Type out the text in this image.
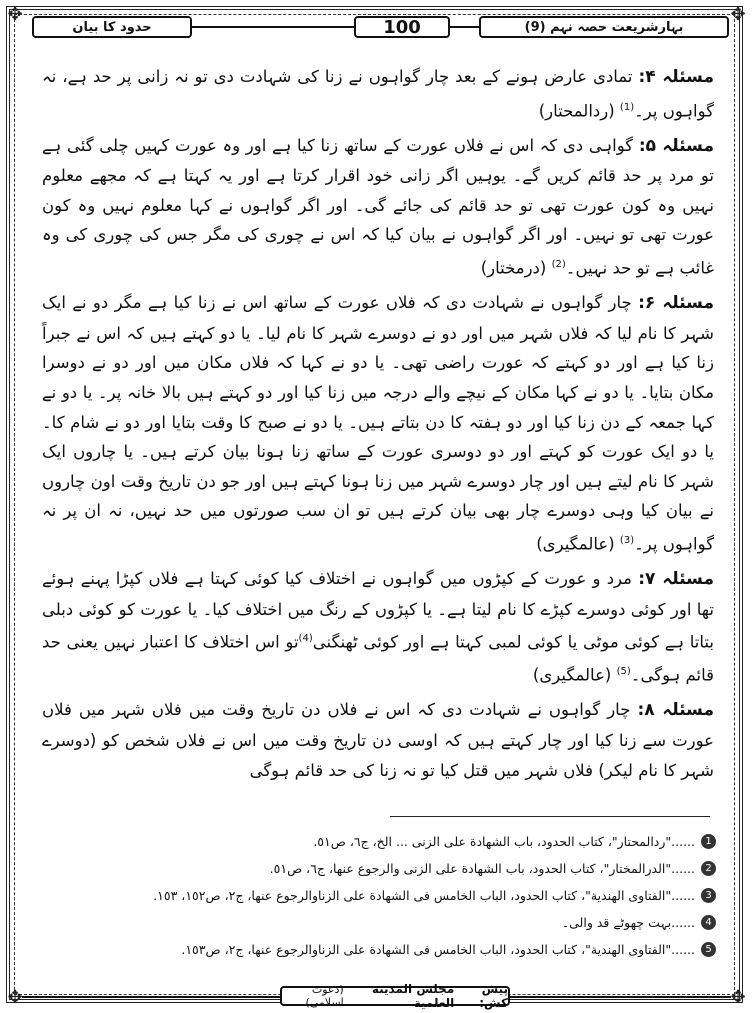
✥	✥
✥	✥
بہارشریعت حصہ نہم (9)
100
حدود کا بیان

مسئلہ ۴: تمادی عارض ہونے کے بعد چار گواہوں نے زنا کی شہادت دی تو نہ زانی پر حد ہے، نہ گواہوں پر۔$^{(1)}$ (ردالمحتار)

مسئلہ ۵: گواہی دی کہ اس نے فلاں عورت کے ساتھ زنا کیا ہے اور وہ عورت کہیں چلی گئی ہے تو مرد پر حد قائم کریں گے۔ یوہیں اگر زانی خود اقرار کرتا ہے اور یہ کہتا ہے کہ مجھے معلوم نہیں وہ کون عورت تھی تو حد قائم کی جائے گی۔ اور اگر گواہوں نے کہا معلوم نہیں وہ کون عورت تھی تو نہیں۔ اور اگر گواہوں نے بیان کیا کہ اس نے چوری کی مگر جس کی چوری کی وہ غائب ہے تو حد نہیں۔$^{(2)}$ (درمختار)

مسئلہ ۶: چار گواہوں نے شہادت دی کہ فلاں عورت کے ساتھ اس نے زنا کیا ہے مگر دو نے ایک شہر کا نام لیا کہ فلاں شہر میں اور دو نے دوسرے شہر کا نام لیا۔ یا دو کہتے ہیں کہ اس نے جبراً زنا کیا ہے اور دو کہتے کہ عورت راضی تھی۔ یا دو نے کہا کہ فلاں مکان میں اور دو نے دوسرا مکان بتایا۔ یا دو نے کہا مکان کے نیچے والے درجہ میں زنا کیا اور دو کہتے ہیں بالا خانہ پر۔ یا دو نے کہا جمعہ کے دن زنا کیا اور دو ہفتہ کا دن بتاتے ہیں۔ یا دو نے صبح کا وقت بتایا اور دو نے شام کا۔ یا دو ایک عورت کو کہتے اور دو دوسری عورت کے ساتھ زنا ہونا بیان کرتے ہیں۔ یا چاروں ایک شہر کا نام لیتے ہیں اور چار دوسرے شہر میں زنا ہونا کہتے ہیں اور جو دن تاریخ وقت اون چاروں نے بیان کیا وہی دوسرے چار بھی بیان کرتے ہیں تو ان سب صورتوں میں حد نہیں، نہ ان پر نہ گواہوں پر۔$^{(3)}$ (عالمگیری)

مسئلہ ۷: مرد و عورت کے کپڑوں میں گواہوں نے اختلاف کیا کوئی کہتا ہے فلاں کپڑا پہنے ہوئے تھا اور کوئی دوسرے کپڑے کا نام لیتا ہے۔ یا کپڑوں کے رنگ میں اختلاف کیا۔ یا عورت کو کوئی دبلی بتاتا ہے کوئی موٹی یا کوئی لمبی کہتا ہے اور کوئی ٹھنگنی$^{(4)}$تو اس اختلاف کا اعتبار نہیں یعنی حد قائم ہوگی۔$^{(5)}$ (عالمگیری)

مسئلہ ۸: چار گواہوں نے شہادت دی کہ اس نے فلاں دن تاریخ وقت میں فلاں شہر میں فلاں عورت سے زنا کیا اور چار کہتے ہیں کہ اوسی دن تاریخ وقت میں اس نے فلاں شخص کو (دوسرے شہر کا نام لیکر) فلاں شہر میں قتل کیا تو نہ زنا کی حد قائم ہوگی

1
......"ردالمحتار"، کتاب الحدود، باب الشهادة علی الزنی ... الخ، ج٦، ص٥١.
2
......"الدرالمختار"، کتاب الحدود، باب الشهادة علی الزنی والرجوع عنها، ج٦، ص٥١.
3
......"الفتاوی الهندية"، کتاب الحدود، الباب الخامس فی الشهادة علی الزناوالرجوع عنها، ج٢، ص١٥٢، ١٥٣.
4
......بہت چھوٹے قد والی۔
5
......"الفتاوی الهندية"، کتاب الحدود، الباب الخامس فی الشهادة علی الزناوالرجوع عنها، ج٢، ص١٥٣.
پیش کش:
مجلس المدینة العلمیة
(دعوت اسلامی)
